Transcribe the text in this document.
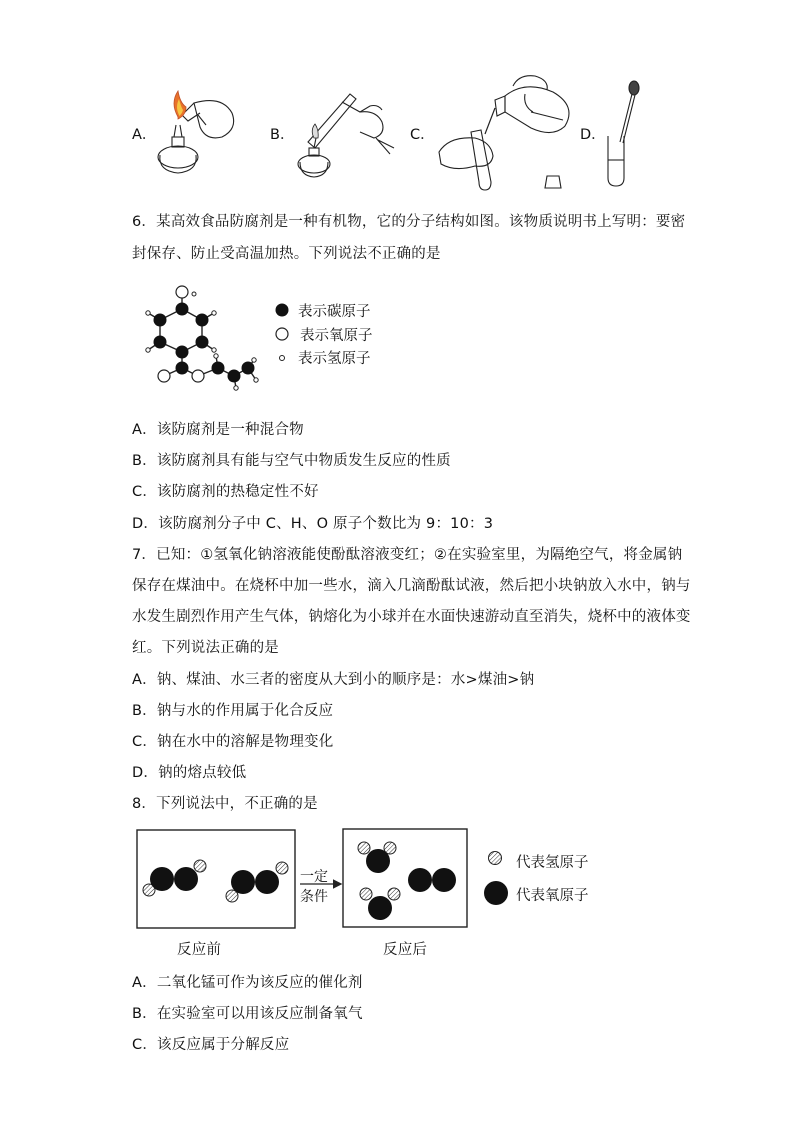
A．	B．	C．	D．
6．某高效食品防腐剂是一种有机物，它的分子结构如图。该物质说明书上写明：要密
封保存、防止受高温加热。下列说法不正确的是
表示碳原子
表示氧原子
表示氢原子
A．该防腐剂是一种混合物
B．该防腐剂具有能与空气中物质发生反应的性质
C．该防腐剂的热稳定性不好
D．该防腐剂分子中 C、H、O 原子个数比为 9：10：3
7．已知：①氢氧化钠溶液能使酚酞溶液变红；②在实验室里，为隔绝空气，将金属钠
保存在煤油中。在烧杯中加一些水，滴入几滴酚酞试液，然后把小块钠放入水中，钠与
水发生剧烈作用产生气体，钠熔化为小球并在水面快速游动直至消失，烧杯中的液体变
红。下列说法正确的是
A．钠、煤油、水三者的密度从大到小的顺序是：水>煤油>钠
B．钠与水的作用属于化合反应
C．钠在水中的溶解是物理变化
D．钠的熔点较低
8．下列说法中，不正确的是
一定
条件
代表氢原子
代表氧原子
反应前	反应后
A．二氧化锰可作为该反应的催化剂
B．在实验室可以用该反应制备氧气
C．该反应属于分解反应
